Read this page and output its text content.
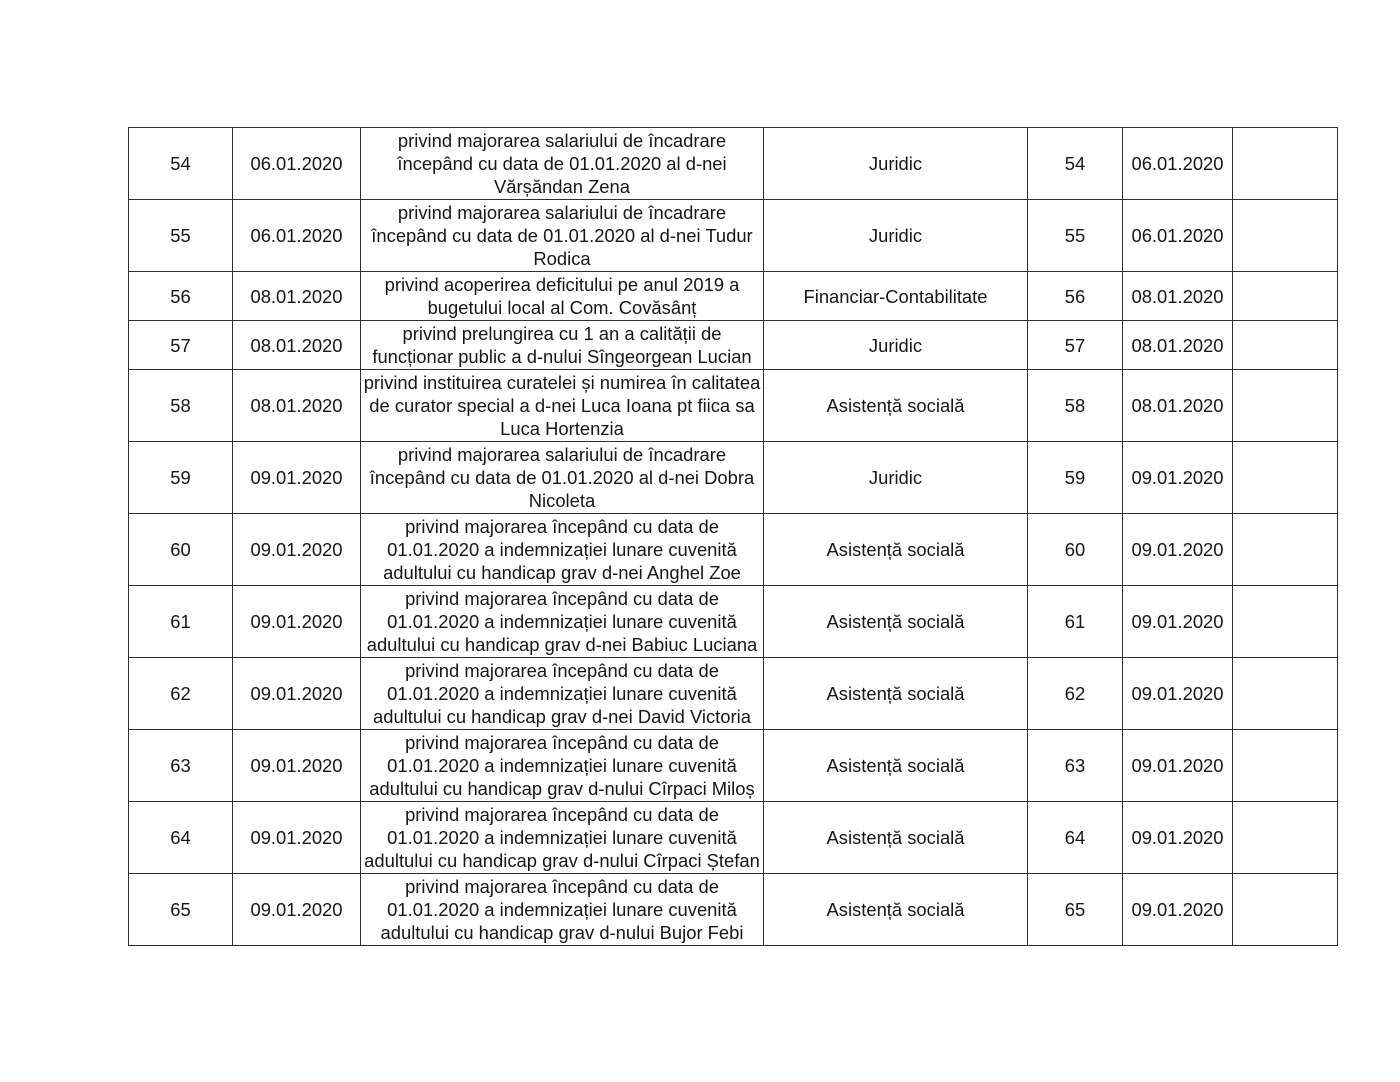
54	06.01.2020	privind majorarea salariului de încadrare începând cu data de 01.01.2020 al d-nei Vărșăndan Zena	Juridic	54	06.01.2020	
55	06.01.2020	privind majorarea salariului de încadrare începând cu data de 01.01.2020 al d-nei Tudur Rodica	Juridic	55	06.01.2020	
56	08.01.2020	privind acoperirea deficitului pe anul 2019 a bugetului local al Com. Covăsânț	Financiar-Contabilitate	56	08.01.2020	
57	08.01.2020	privind prelungirea cu 1 an a calității de funcționar public a d-nului Sîngeorgean Lucian	Juridic	57	08.01.2020	
58	08.01.2020	privind instituirea curatelei și numirea în calitatea de curator special a d-nei Luca Ioana pt fiica sa Luca Hortenzia	Asistență socială	58	08.01.2020	
59	09.01.2020	privind majorarea salariului de încadrare începând cu data de 01.01.2020 al d-nei Dobra Nicoleta	Juridic	59	09.01.2020	
60	09.01.2020	privind majorarea începând cu data de 01.01.2020 a indemnizației lunare cuvenită adultului cu handicap grav d-nei Anghel Zoe	Asistență socială	60	09.01.2020	
61	09.01.2020	privind majorarea începând cu data de 01.01.2020 a indemnizației lunare cuvenită adultului cu handicap grav d-nei Babiuc Luciana	Asistență socială	61	09.01.2020	
62	09.01.2020	privind majorarea începând cu data de 01.01.2020 a indemnizației lunare cuvenită adultului cu handicap grav d-nei David Victoria	Asistență socială	62	09.01.2020	
63	09.01.2020	privind majorarea începând cu data de 01.01.2020 a indemnizației lunare cuvenită adultului cu handicap grav d-nului Cîrpaci Miloș	Asistență socială	63	09.01.2020	
64	09.01.2020	privind majorarea începând cu data de 01.01.2020 a indemnizației lunare cuvenită adultului cu handicap grav d-nului Cîrpaci Ștefan	Asistență socială	64	09.01.2020	
65	09.01.2020	privind majorarea începând cu data de 01.01.2020 a indemnizației lunare cuvenită adultului cu handicap grav d-nului Bujor Febi	Asistență socială	65	09.01.2020	
